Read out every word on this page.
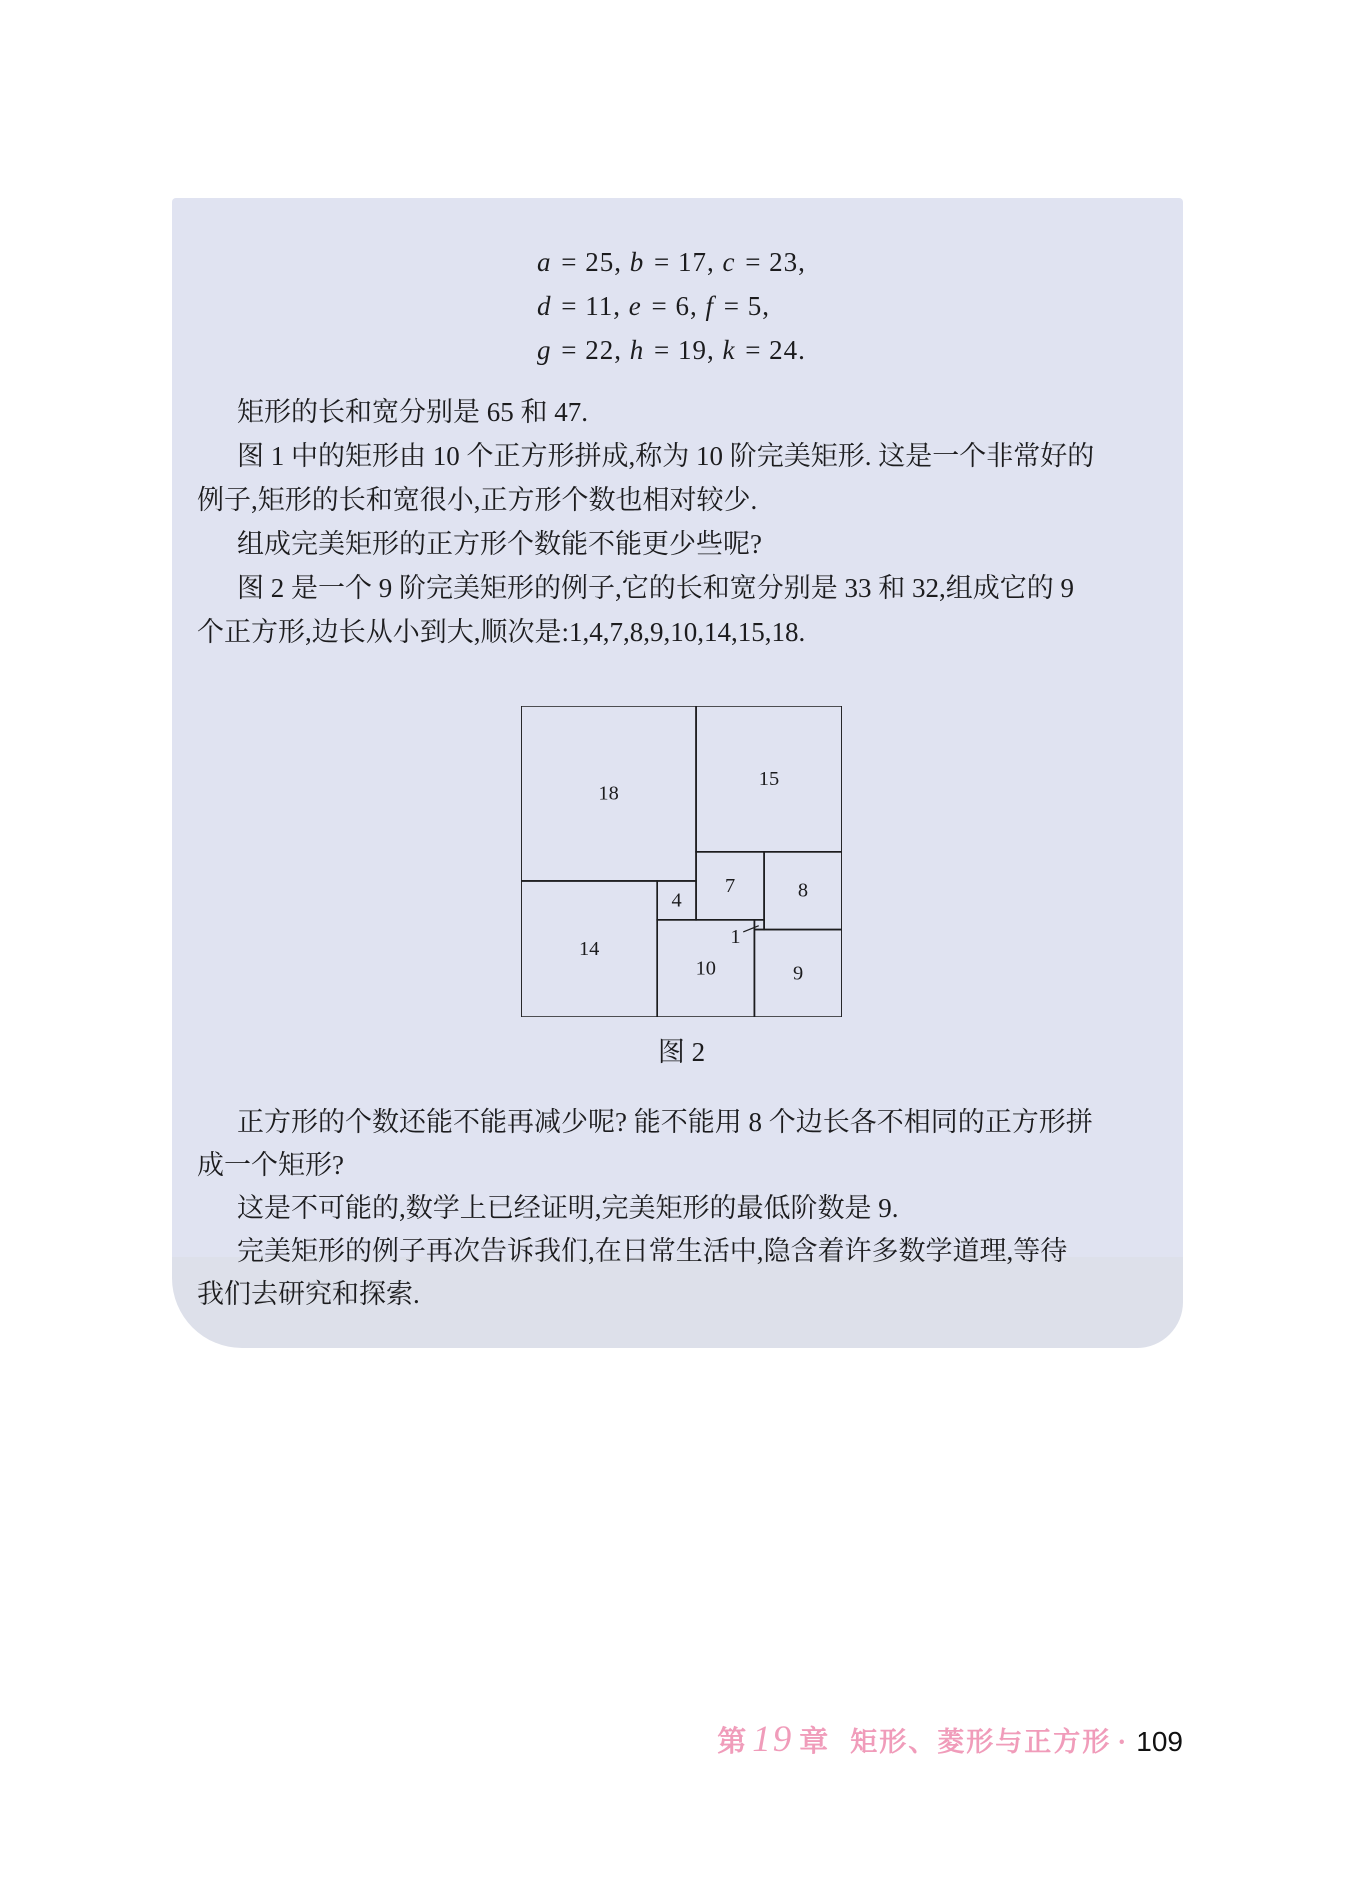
a = 25, b = 17, c = 23,
d = 11, e = 6, f = 5,
g = 22, h = 19, k = 24.
矩形的长和宽分别是 65 和 47.
图 1 中的矩形由 10 个正方形拼成,称为 10 阶完美矩形. 这是一个非常好的
例子,矩形的长和宽很小,正方形个数也相对较少.
组成完美矩形的正方形个数能不能更少些呢?
图 2 是一个 9 阶完美矩形的例子,它的长和宽分别是 33 和 32,组成它的 9
个正方形,边长从小到大,顺次是:1,4,7,8,9,10,14,15,18.
18
15
7	8
4
14
10
1
9
图 2
正方形的个数还能不能再减少呢? 能不能用 8 个边长各不相同的正方形拼
成一个矩形?
这是不可能的,数学上已经证明,完美矩形的最低阶数是 9.
完美矩形的例子再次告诉我们,在日常生活中,隐含着许多数学道理,等待
我们去研究和探索.
第 19 章 矩形、菱形与正方形 · 109
